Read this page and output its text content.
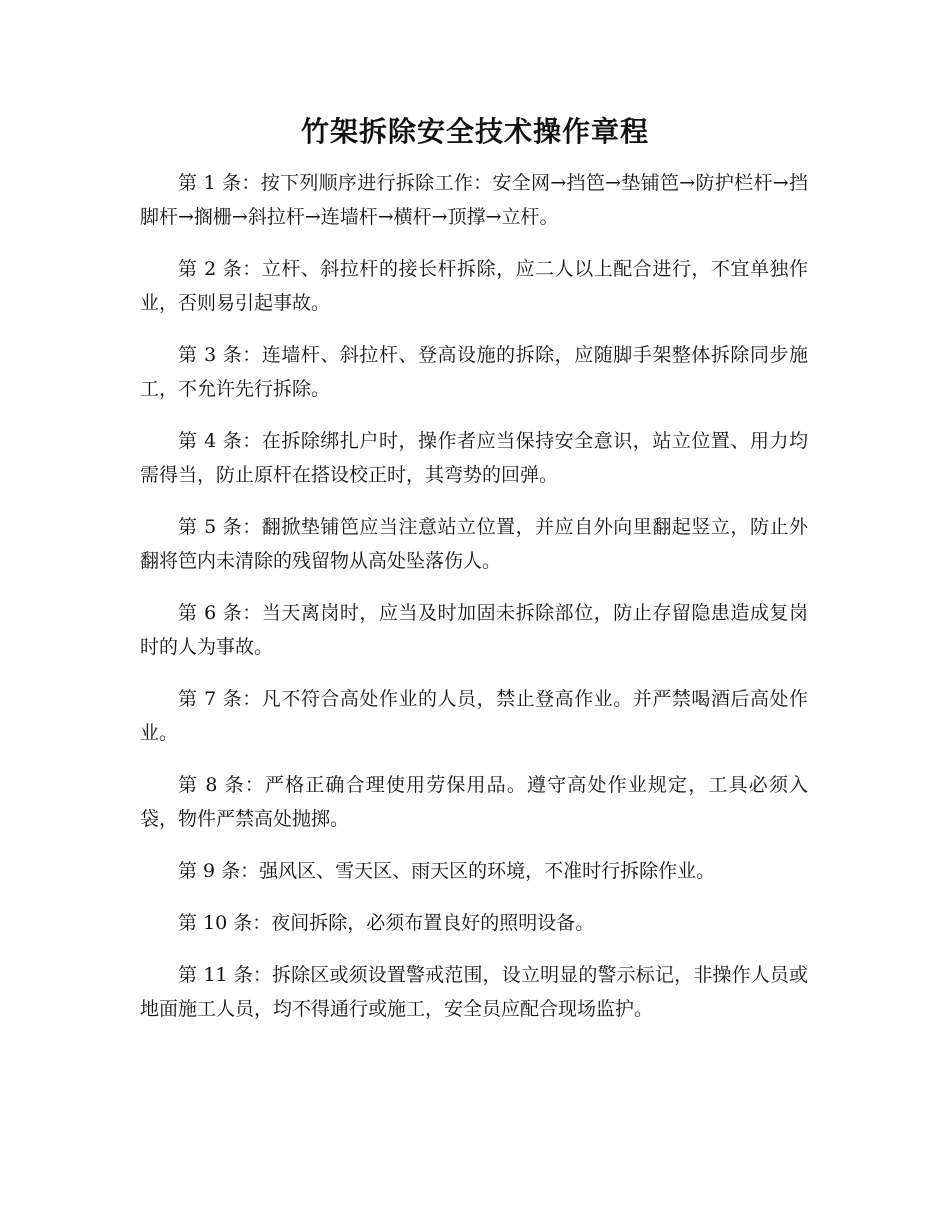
竹架拆除安全技术操作章程

第 1 条：按下列顺序进行拆除工作：安全网→挡笆→垫铺笆→防护栏杆→挡脚杆→搁栅→斜拉杆→连墙杆→横杆→顶撑→立杆。

第 2 条：立杆、斜拉杆的接长杆拆除，应二人以上配合进行，不宜单独作业，否则易引起事故。

第 3 条：连墙杆、斜拉杆、登高设施的拆除，应随脚手架整体拆除同步施工，不允许先行拆除。

第 4 条：在拆除绑扎户时，操作者应当保持安全意识，站立位置、用力均需得当，防止原杆在搭设校正时，其弯势的回弹。

第 5 条：翻掀垫铺笆应当注意站立位置，并应自外向里翻起竖立，防止外翻将笆内未清除的残留物从高处坠落伤人。

第 6 条：当天离岗时，应当及时加固未拆除部位，防止存留隐患造成复岗时的人为事故。

第 7 条：凡不符合高处作业的人员，禁止登高作业。并严禁喝酒后高处作业。

第 8 条：严格正确合理使用劳保用品。遵守高处作业规定，工具必须入袋，物件严禁高处抛掷。

第 9 条：强风区、雪天区、雨天区的环境，不准时行拆除作业。

第 10 条：夜间拆除，必须布置良好的照明设备。

第 11 条：拆除区或须设置警戒范围，设立明显的警示标记，非操作人员或地面施工人员，均不得通行或施工，安全员应配合现场监护。
